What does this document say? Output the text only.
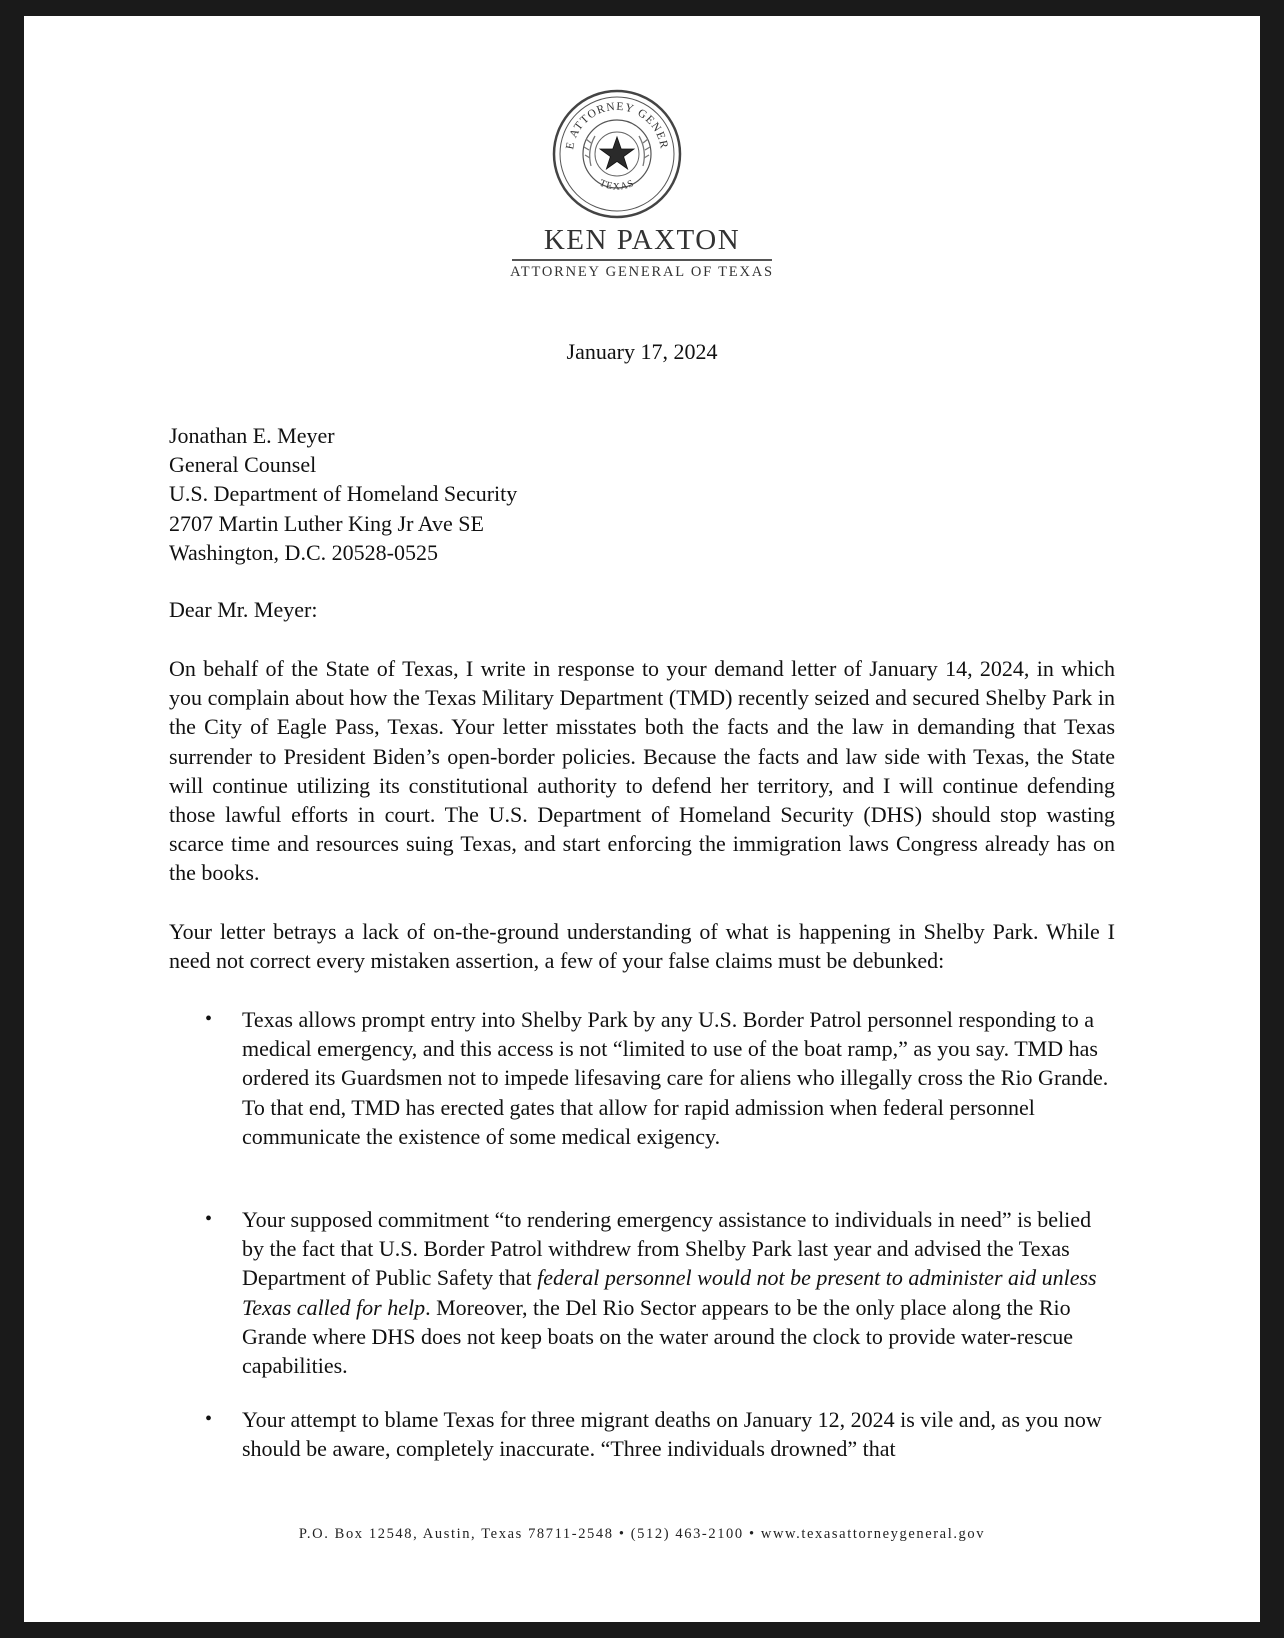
E ATTORNEY GENER
TEXAS
KEN PAXTON
ATTORNEY GENERAL OF TEXAS
January 17, 2024
Jonathan E. Meyer
General Counsel
U.S. Department of Homeland Security
2707 Martin Luther King Jr Ave SE
Washington, D.C. 20528-0525
Dear Mr. Meyer:
On behalf of the State of Texas, I write in response to your demand letter of January 14, 2024, in which you complain about how the Texas Military Department (TMD) recently seized and secured Shelby Park in the City of Eagle Pass, Texas. Your letter misstates both the facts and the law in demanding that Texas surrender to President Biden’s open-border policies. Because the facts and law side with Texas, the State will continue utilizing its constitutional authority to defend her territory, and I will continue defending those lawful efforts in court. The U.S. Department of Homeland Security (DHS) should stop wasting scarce time and resources suing Texas, and start enforcing the immigration laws Congress already has on the books.
Your letter betrays a lack of on-the-ground understanding of what is happening in Shelby Park. While I need not correct every mistaken assertion, a few of your false claims must be debunked:
•	Texas allows prompt entry into Shelby Park by any U.S. Border Patrol personnel responding to a medical emergency, and this access is not “limited to use of the boat ramp,” as you say. TMD has ordered its Guardsmen not to impede lifesaving care for aliens who illegally cross the Rio Grande. To that end, TMD has erected gates that allow for rapid admission when federal personnel communicate the existence of some medical exigency.
•	Your supposed commitment “to rendering emergency assistance to individuals in need” is belied by the fact that U.S. Border Patrol withdrew from Shelby Park last year and advised the Texas Department of Public Safety that federal personnel would not be present to administer aid unless Texas called for help. Moreover, the Del Rio Sector appears to be the only place along the Rio Grande where DHS does not keep boats on the water around the clock to provide water-rescue capabilities.
•	Your attempt to blame Texas for three migrant deaths on January 12, 2024 is vile and, as you now should be aware, completely inaccurate. “Three individuals drowned” that
P.O. Box 12548, Austin, Texas 78711-2548 • (512) 463-2100 • www.texasattorneygeneral.gov
